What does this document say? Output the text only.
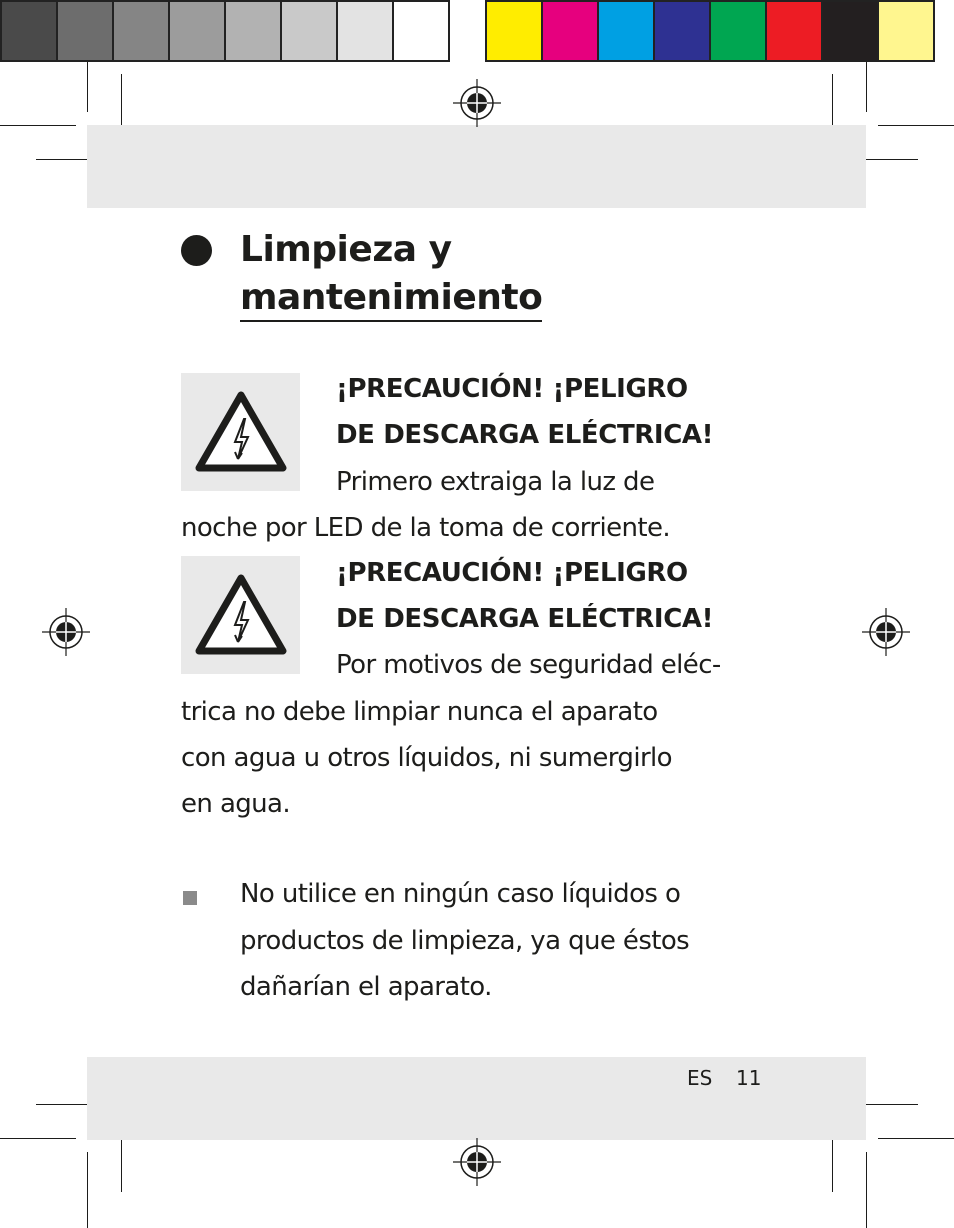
Limpieza y
mantenimiento
¡PRECAUCIÓN! ¡PELIGRO
DE DESCARGA ELÉCTRICA!

Primero extraiga la luz de

noche por LED de la toma de corriente.

¡PRECAUCIÓN! ¡PELIGRO
DE DESCARGA ELÉCTRICA!

Por motivos de seguridad eléc-

trica no debe limpiar nunca el aparato

con agua u otros líquidos, ni sumergirlo

en agua.

No utilice en ningún caso líquidos o

productos de limpieza, ya que éstos

dañarían el aparato.

ES 11
